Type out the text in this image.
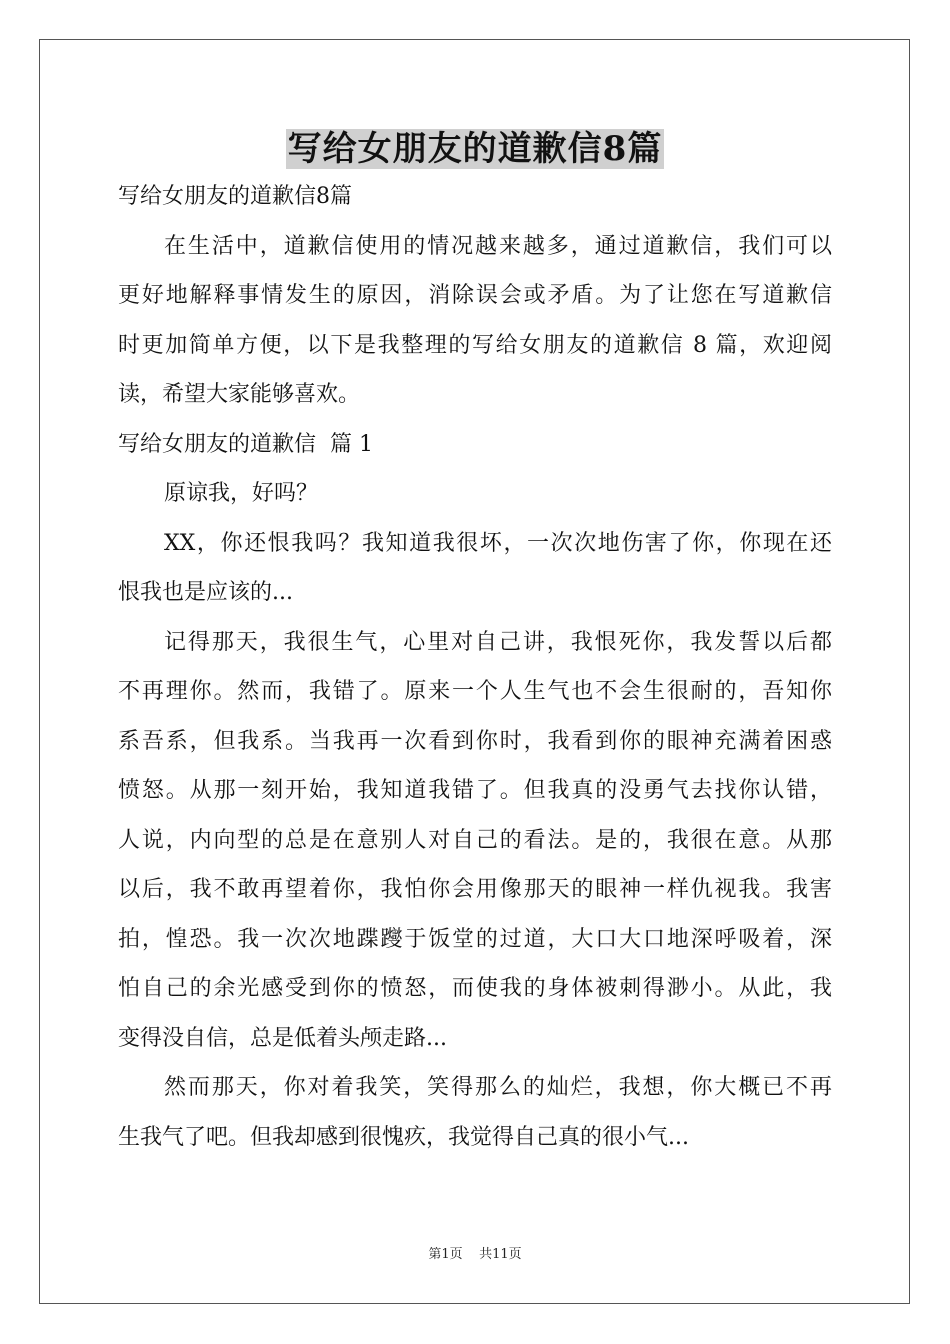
写给女朋友的道歉信8篇
写给女朋友的道歉信8篇
在生活中，道歉信使用的情况越来越多，通过道歉信，我们可以
更好地解释事情发生的原因，消除误会或矛盾。为了让您在写道歉信
时更加简单方便，以下是我整理的写给女朋友的道歉信 8 篇，欢迎阅
读，希望大家能够喜欢。
写给女朋友的道歉信  篇 1
原谅我，好吗？
XX，你还恨我吗？我知道我很坏，一次次地伤害了你，你现在还
恨我也是应该的...
记得那天，我很生气，心里对自己讲，我恨死你，我发誓以后都
不再理你。然而，我错了。原来一个人生气也不会生很耐的，吾知你
系吾系，但我系。当我再一次看到你时，我看到你的眼神充满着困惑
愤怒。从那一刻开始，我知道我错了。但我真的没勇气去找你认错，
人说，内向型的总是在意别人对自己的看法。是的，我很在意。从那
以后，我不敢再望着你，我怕你会用像那天的眼神一样仇视我。我害
拍，惶恐。我一次次地蹀躞于饭堂的过道，大口大口地深呼吸着，深
怕自己的余光感受到你的愤怒，而使我的身体被刺得渺小。从此，我
变得没自信，总是低着头颅走路...
然而那天，你对着我笑，笑得那么的灿烂，我想，你大概已不再
生我气了吧。但我却感到很愧疚，我觉得自己真的很小气...
第1页    共11页
